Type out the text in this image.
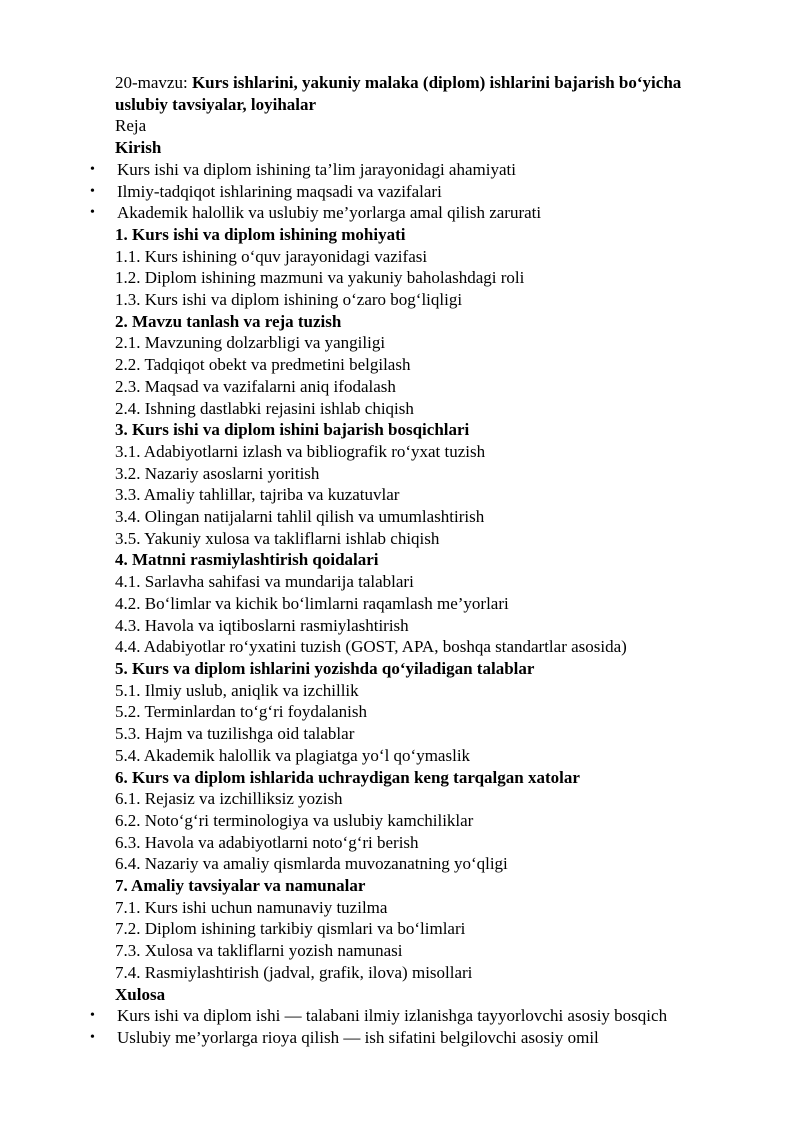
20-mavzu: Kurs ishlarini, yakuniy malaka (diplom) ishlarini bajarish boʻyicha
uslubiy tavsiyalar, loyihalar

Reja
Kirish
• Kurs ishi va diplom ishining ta’lim jarayonidagi ahamiyati
• Ilmiy-tadqiqot ishlarining maqsadi va vazifalari
• Akademik halollik va uslubiy me’yorlarga amal qilish zarurati
1. Kurs ishi va diplom ishining mohiyati
1.1. Kurs ishining oʻquv jarayonidagi vazifasi
1.2. Diplom ishining mazmuni va yakuniy baholashdagi roli
1.3. Kurs ishi va diplom ishining oʻzaro bogʻliqligi
2. Mavzu tanlash va reja tuzish
2.1. Mavzuning dolzarbligi va yangiligi
2.2. Tadqiqot obekt va predmetini belgilash
2.3. Maqsad va vazifalarni aniq ifodalash
2.4. Ishning dastlabki rejasini ishlab chiqish
3. Kurs ishi va diplom ishini bajarish bosqichlari
3.1. Adabiyotlarni izlash va bibliografik roʻyxat tuzish
3.2. Nazariy asoslarni yoritish
3.3. Amaliy tahlillar, tajriba va kuzatuvlar
3.4. Olingan natijalarni tahlil qilish va umumlashtirish
3.5. Yakuniy xulosa va takliflarni ishlab chiqish
4. Matnni rasmiylashtirish qoidalari
4.1. Sarlavha sahifasi va mundarija talablari
4.2. Boʻlimlar va kichik boʻlimlarni raqamlash me’yorlari
4.3. Havola va iqtiboslarni rasmiylashtirish
4.4. Adabiyotlar roʻyxatini tuzish (GOST, APA, boshqa standartlar asosida)
5. Kurs va diplom ishlarini yozishda qoʻyiladigan talablar
5.1. Ilmiy uslub, aniqlik va izchillik
5.2. Terminlardan toʻgʻri foydalanish
5.3. Hajm va tuzilishga oid talablar
5.4. Akademik halollik va plagiatga yoʻl qoʻymaslik
6. Kurs va diplom ishlarida uchraydigan keng tarqalgan xatolar
6.1. Rejasiz va izchilliksiz yozish
6.2. Notoʻgʻri terminologiya va uslubiy kamchiliklar
6.3. Havola va adabiyotlarni notoʻgʻri berish
6.4. Nazariy va amaliy qismlarda muvozanatning yoʻqligi
7. Amaliy tavsiyalar va namunalar
7.1. Kurs ishi uchun namunaviy tuzilma
7.2. Diplom ishining tarkibiy qismlari va boʻlimlari
7.3. Xulosa va takliflarni yozish namunasi
7.4. Rasmiylashtirish (jadval, grafik, ilova) misollari
Xulosa
• Kurs ishi va diplom ishi — talabani ilmiy izlanishga tayyorlovchi asosiy bosqich
• Uslubiy me’yorlarga rioya qilish — ish sifatini belgilovchi asosiy omil
